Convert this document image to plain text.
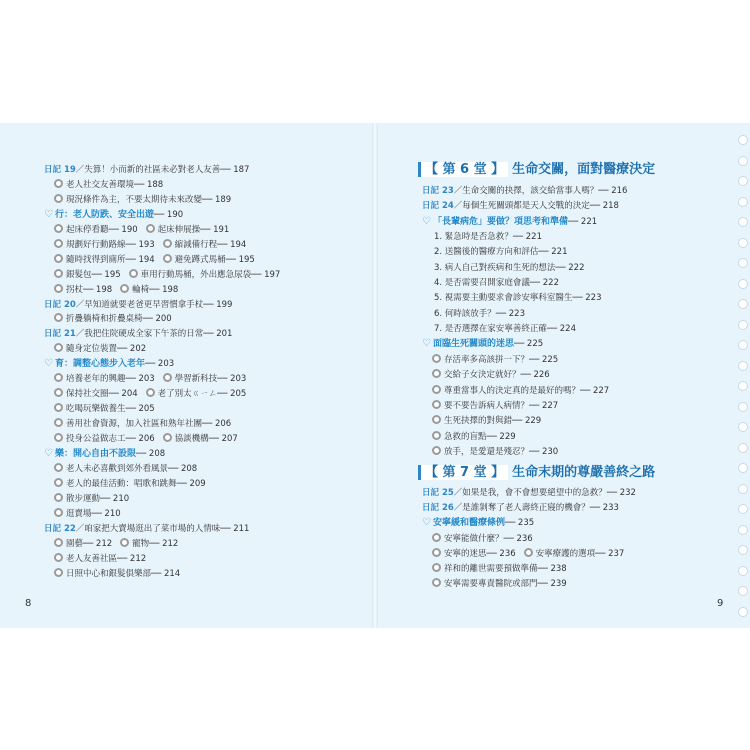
日記 19／失算！小而新的社區未必對老人友善── 187
老人社交友善環境── 188
現況條件為主，不要太期待未來改變── 189
♡ 行：老人防跌、安全出遊── 190
起床停看聽── 190 起床伸展操── 191
規劃好行動路線── 193 縮減備行程── 194
隨時找得到廁所── 194 避免蹲式馬桶── 195
銀髮包── 195 車用行動馬桶，外出應急尿袋── 197
拐杖── 198 輪椅── 198
日記 20／早知道就要老爸更早習慣拿手杖── 199
折疊躺椅和折疊桌椅── 200
日記 21／我把住院硬成全家下午茶的日常── 201
隨身定位裝置── 202
♡ 育：調整心態步入老年── 203
培養老年的興趣── 203 學習新科技── 203
保持社交圈── 204 老了別太ㄍㄧㄥ── 205
吃喝玩樂做養生── 205
善用社會資源，加入社區和熟年社團── 206
投身公益做志工── 206 協談機構── 207
♡ 樂：開心自由不設限── 208
老人未必喜歡到郊外看風景── 208
老人的最佳活動：唱歌和跳舞── 209
散步運動── 210
逛賣場── 210
日記 22／咱家把大賣場逛出了菜市場的人情味── 211
園藝── 212 寵物── 212
老人友善社區── 212
日照中心和銀髮俱樂部── 214
【 第 6 堂 】 生命交關，面對醫療決定
日記 23／生命交關的抉擇，該交給當事人嗎？── 216
日記 24／每個生死關頭都是天人交戰的決定── 218
♡ 「長輩病危」要做？項思考和準備── 221
1. 緊急時是否急救？── 221
2. 送醫後的醫療方向和評估── 221
3. 病人自己對疾病和生死的想法── 222
4. 是否需要召開家庭會議── 222
5. 視需要主動要求會診安寧科室醫生── 223
6. 何時該放手？── 223
7. 是否選擇在家安寧善終正確── 224
♡ 面臨生死關頭的迷思── 225
存活率多高該拼一下？── 225
交給子女決定就好？── 226
尊重當事人的決定真的是最好的嗎？── 227
要不要告訴病人病情？── 227
生死抉擇的對與錯── 229
急救的盲點── 229
放手，是愛還是殘忍？── 230
【 第 7 堂 】 生命末期的尊嚴善終之路
日記 25／如果是我，會不會想要絕望中的急救？── 232
日記 26／是誰剝奪了老人壽終正寢的機會？── 233
♡ 安寧緩和醫療條例── 235
安寧能做什麼？── 236
安寧的迷思── 236 安寧療護的選項── 237
祥和的離世需要預做準備── 238
安寧需要專責醫院或部門── 239
8	9
